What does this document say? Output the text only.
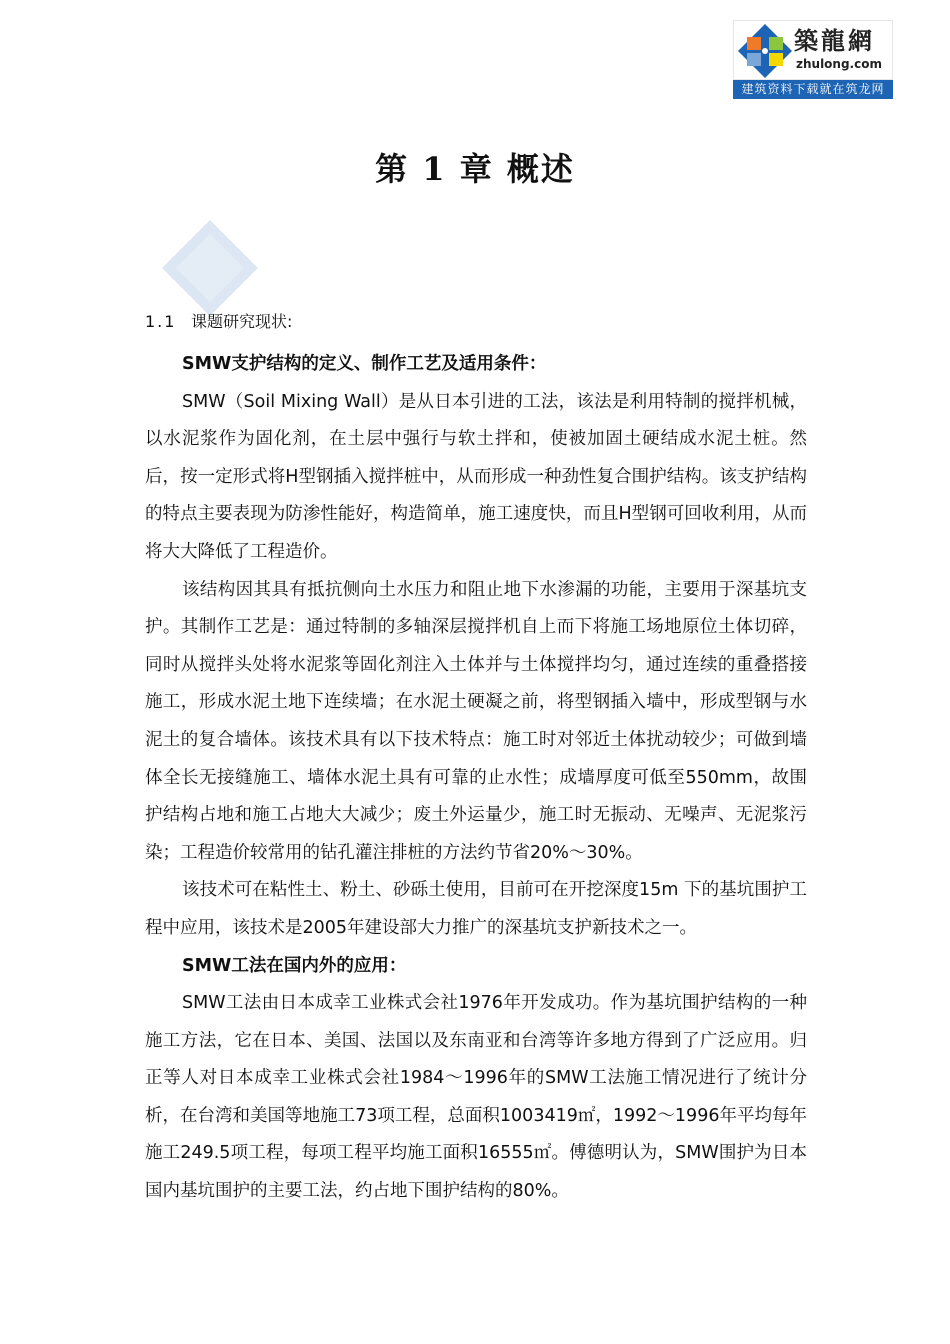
築龍網
zhulong.com
建筑资料下载就在筑龙网
第 1 章 概述
1.1 课题研究现状:

SMW支护结构的定义、制作工艺及适用条件：

SMW（Soil Mixing Wall）是从日本引进的工法，该法是利用特制的搅拌机械，以水泥浆作为固化剂，在土层中强行与软土拌和，使被加固土硬结成水泥土桩。然后，按一定形式将H型钢插入搅拌桩中，从而形成一种劲性复合围护结构。该支护结构的特点主要表现为防渗性能好，构造简单，施工速度快，而且H型钢可回收利用，从而将大大降低了工程造价。

该结构因其具有抵抗侧向土水压力和阻止地下水渗漏的功能，主要用于深基坑支护。其制作工艺是：通过特制的多轴深层搅拌机自上而下将施工场地原位土体切碎，同时从搅拌头处将水泥浆等固化剂注入土体并与土体搅拌均匀，通过连续的重叠搭接施工，形成水泥土地下连续墙；在水泥土硬凝之前，将型钢插入墙中，形成型钢与水泥土的复合墙体。该技术具有以下技术特点：施工时对邻近土体扰动较少；可做到墙体全长无接缝施工、墙体水泥土具有可靠的止水性；成墙厚度可低至550mm，故围护结构占地和施工占地大大减少；废土外运量少，施工时无振动、无噪声、无泥浆污染；工程造价较常用的钻孔灌注排桩的方法约节省20%～30%。

该技术可在粘性土、粉土、砂砾土使用，目前可在开挖深度15m 下的基坑围护工程中应用，该技术是2005年建设部大力推广的深基坑支护新技术之一。

SMW工法在国内外的应用：

SMW工法由日本成幸工业株式会社1976年开发成功。作为基坑围护结构的一种施工方法，它在日本、美国、法国以及东南亚和台湾等许多地方得到了广泛应用。归正等人对日本成幸工业株式会社1984～1996年的SMW工法施工情况进行了统计分析，在台湾和美国等地施工73项工程，总面积1003419㎡，1992～1996年平均每年施工249.5项工程，每项工程平均施工面积16555㎡。傅德明认为，SMW围护为日本国内基坑围护的主要工法，约占地下围护结构的80%。
